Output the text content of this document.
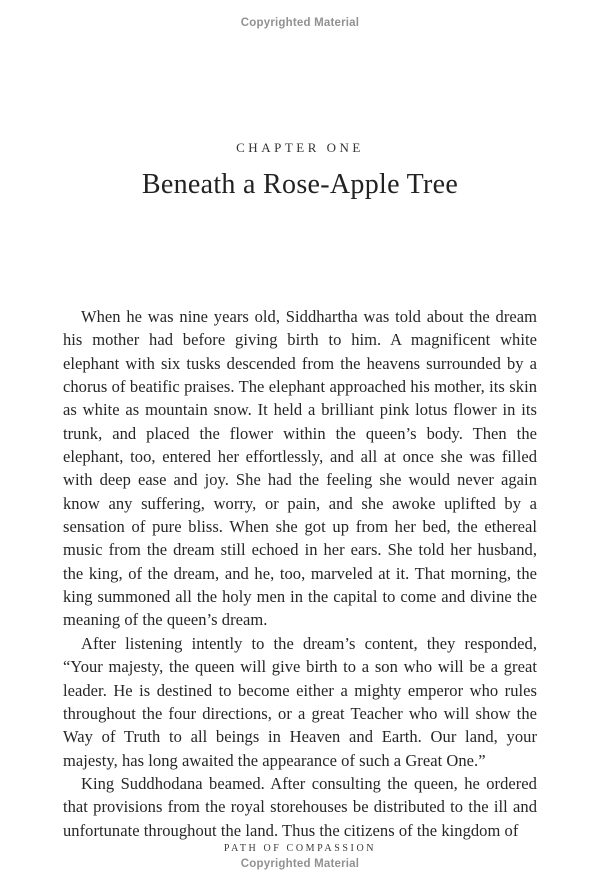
Copyrighted Material
CHAPTER ONE
Beneath a Rose-Apple Tree

When he was nine years old, Siddhartha was told about the dream his mother had before giving birth to him. A magnificent white elephant with six tusks descended from the heavens surrounded by a chorus of beatific praises. The elephant approached his mother, its skin as white as mountain snow. It held a brilliant pink lotus flower in its trunk, and placed the flower within the queen’s body. Then the elephant, too, entered her effortlessly, and all at once she was filled with deep ease and joy. She had the feeling she would never again know any suffering, worry, or pain, and she awoke uplifted by a sensation of pure bliss. When she got up from her bed, the ethereal music from the dream still echoed in her ears. She told her husband, the king, of the dream, and he, too, marveled at it. That morning, the king summoned all the holy men in the capital to come and divine the meaning of the queen’s dream.

After listening intently to the dream’s content, they responded, “Your majesty, the queen will give birth to a son who will be a great leader. He is destined to become either a mighty emperor who rules throughout the four directions, or a great Teacher who will show the Way of Truth to all beings in Heaven and Earth. Our land, your majesty, has long awaited the appearance of such a Great One.”

King Suddhodana beamed. After consulting the queen, he ordered that provisions from the royal storehouses be distributed to the ill and unfortunate throughout the land. Thus the citizens of the kingdom of

PATH OF COMPASSION
Copyrighted Material
